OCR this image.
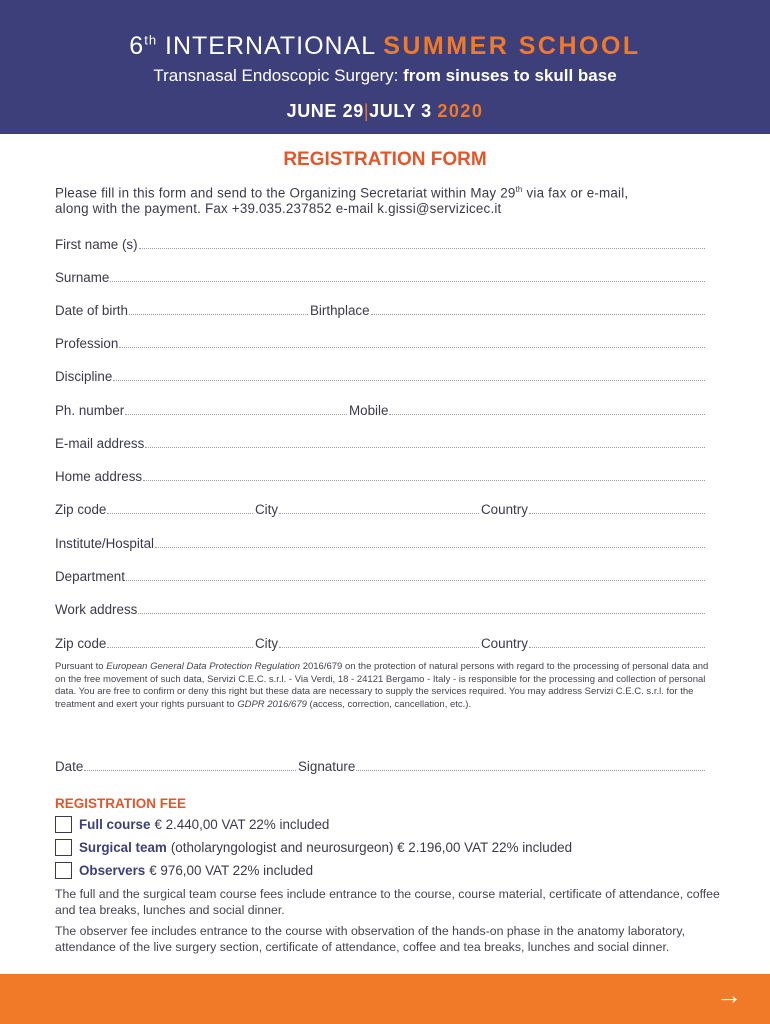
6th INTERNATIONAL SUMMER SCHOOL
Transnasal Endoscopic Surgery: from sinuses to skull base
JUNE 29|JULY 3 2020
REGISTRATION FORM
Please fill in this form and send to the Organizing Secretariat within May 29th via fax or e-mail,
along with the payment. Fax +39.035.237852 e-mail k.gissi@servizicec.it
First name (s)
Surname
Date of birth	Birthplace
Profession
Discipline
Ph. number	Mobile
E-mail address
Home address
Zip code	City	Country
Institute/Hospital
Department
Work address
Zip code	City	Country
Pursuant to European General Data Protection Regulation 2016/679 on the protection of natural persons with regard to the processing of personal data and on the free movement of such data, Servizi C.E.C. s.r.l. - Via Verdi, 18 - 24121 Bergamo - Italy - is responsible for the processing and collection of personal data. You are free to confirm or deny this right but these data are necessary to supply the services required. You may address Servizi C.E.C. s.r.l. for the treatment and exert your rights pursuant to GDPR 2016/679 (access, correction, cancellation, etc.).
Date	Signature
REGISTRATION FEE
Full course € 2.440,00 VAT 22% included
Surgical team (otholaryngologist and neurosurgeon) € 2.196,00 VAT 22% included
Observers € 976,00 VAT 22% included
The full and the surgical team course fees include entrance to the course, course material, certificate of attendance, coffee and tea breaks, lunches and social dinner.
The observer fee includes entrance to the course with observation of the hands-on phase in the anatomy laboratory, attendance of the live surgery section, certificate of attendance, coffee and tea breaks, lunches and social dinner.
→
